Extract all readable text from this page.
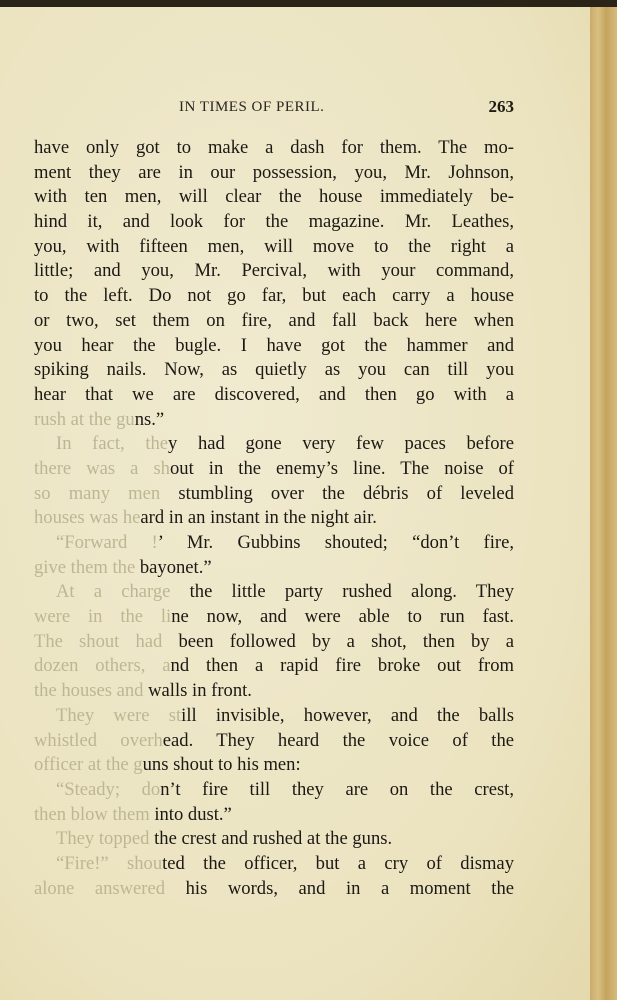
IN TIMES OF PERIL.	263
have only got to make a dash for them. The mo-
ment they are in our possession, you, Mr. Johnson,
with ten men, will clear the house immediately be-
hind it, and look for the magazine. Mr. Leathes,
you, with fifteen men, will move to the right a
little; and you, Mr. Percival, with your command,
to the left. Do not go far, but each carry a house
or two, set them on fire, and fall back here when
you hear the bugle. I have got the hammer and
spiking nails. Now, as quietly as you can till you
hear that we are discovered, and then go with a
rush at the guns.”
In fact, they had gone very few paces before
there was a shout in the enemy’s line. The noise of
so many men stumbling over the débris of leveled
houses was heard in an instant in the night air.
“Forward !’ Mr. Gubbins shouted; “don’t fire,
give them the bayonet.”
At a charge the little party rushed along. They
were in the line now, and were able to run fast.
The shout had been followed by a shot, then by a
dozen others, and then a rapid fire broke out from
the houses and walls in front.
They were still invisible, however, and the balls
whistled overhead. They heard the voice of the
officer at the guns shout to his men:
“Steady; don’t fire till they are on the crest,
then blow them into dust.”
They topped the crest and rushed at the guns.
“Fire!” shouted the officer, but a cry of dismay
alone answered his words, and in a moment the
